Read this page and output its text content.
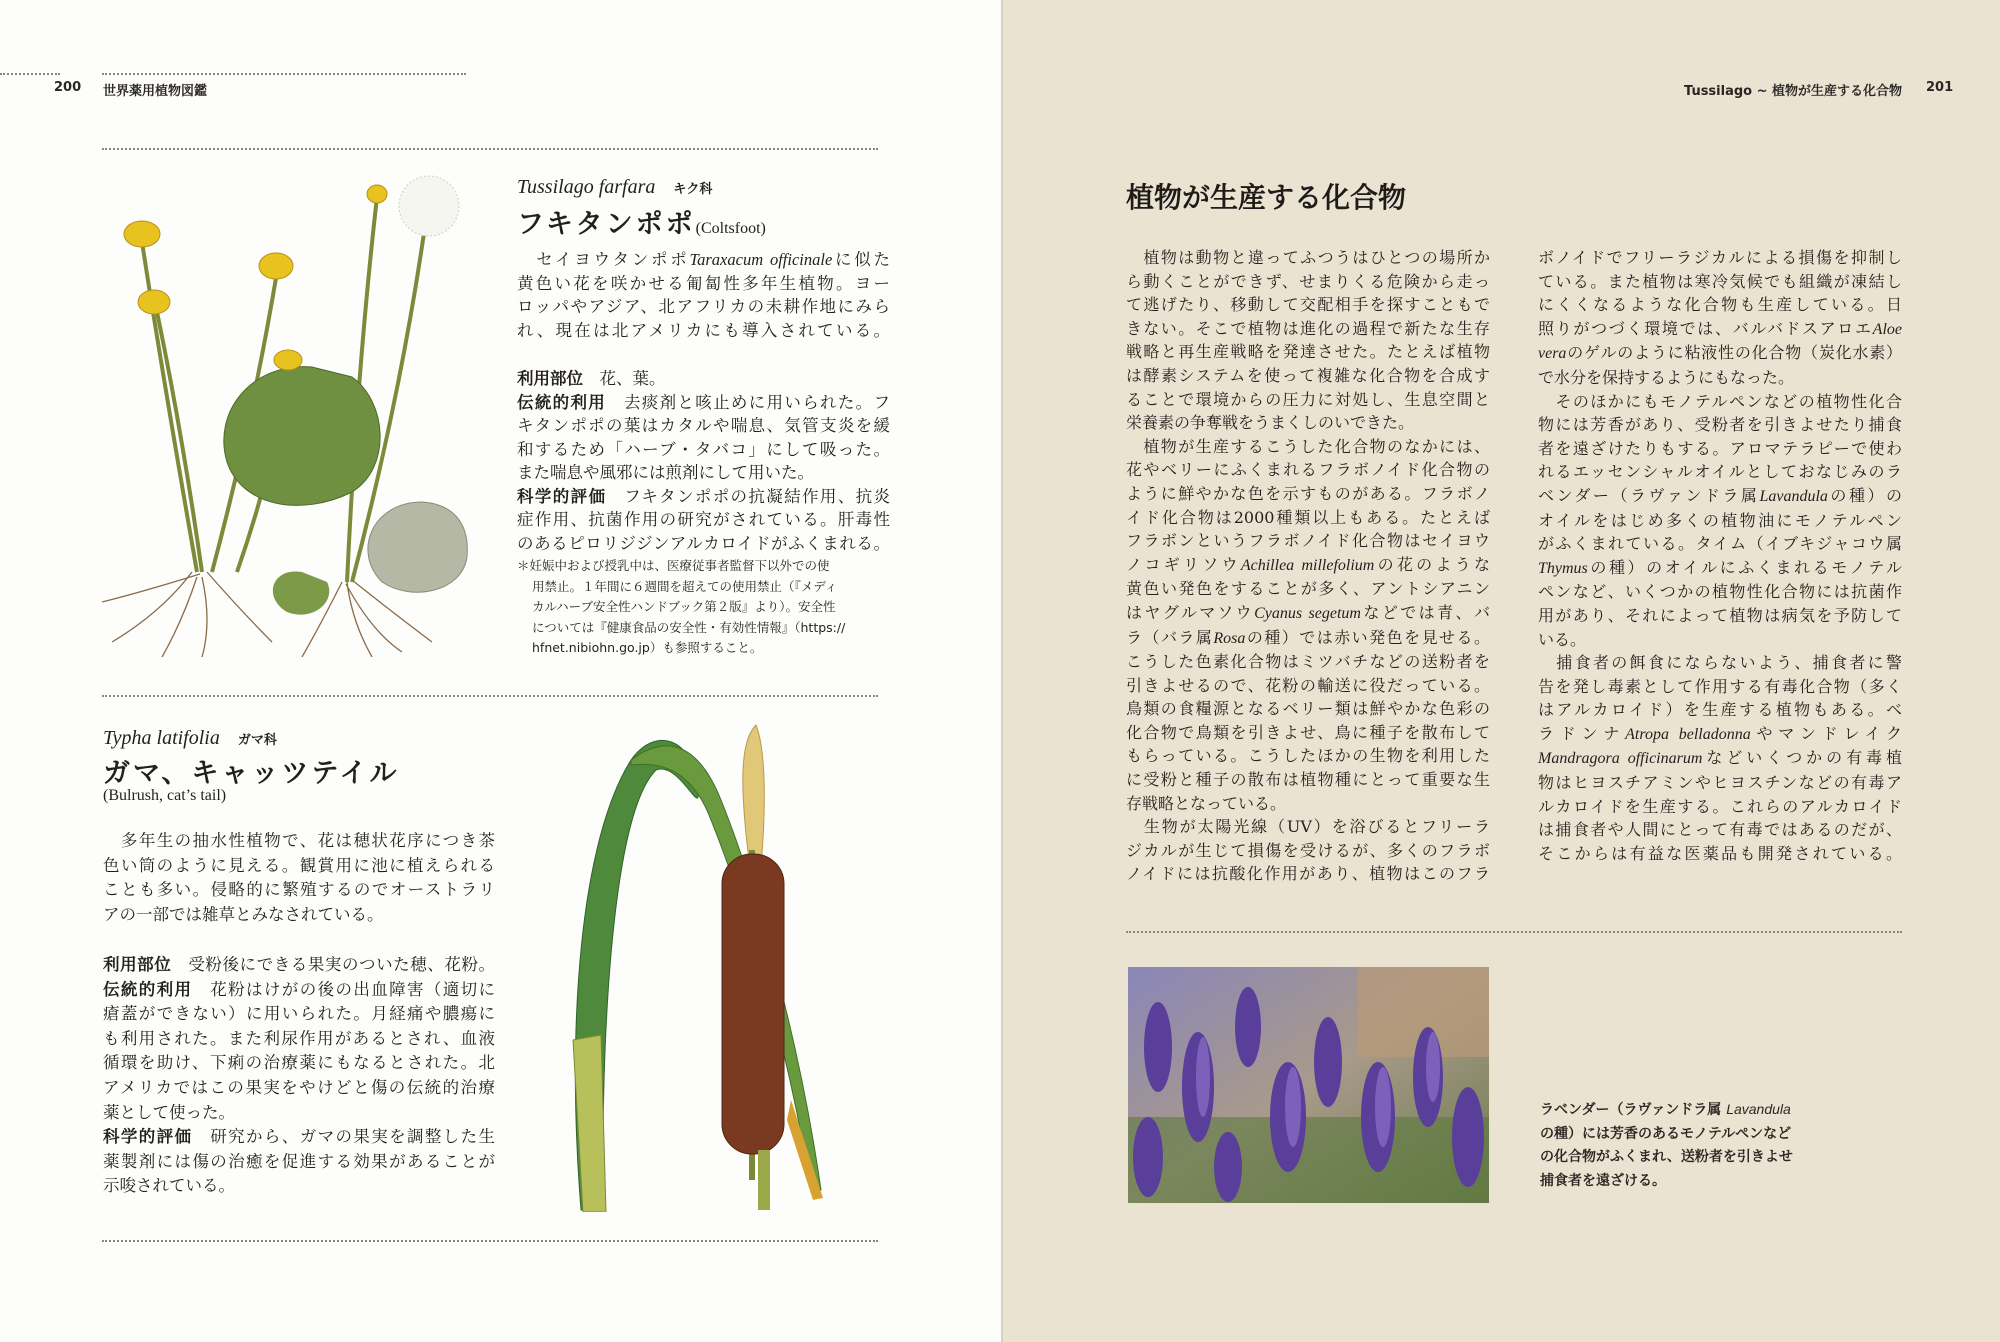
200 世界薬用植物図鑑
Tussilago farfara キク科
フキタンポポ(Coltsfoot)
　セイヨウタンポポTaraxacum officinaleに似た
黄色い花を咲かせる匍匐性多年生植物。ヨー
ロッパやアジア、北アフリカの未耕作地にみら
れ、現在は北アメリカにも導入されている。
利用部位　花、葉。
伝統的利用　去痰剤と咳止めに用いられた。フ
キタンポポの葉はカタルや喘息、気管支炎を緩
和するため「ハーブ・タバコ」にして吸った。
また喘息や風邪には煎剤にして用いた。
科学的評価　フキタンポポの抗凝結作用、抗炎
症作用、抗菌作用の研究がされている。肝毒性
のあるピロリジジンアルカロイドがふくまれる。
＊妊娠中および授乳中は、医療従事者監督下以外での使
用禁止。１年間に６週間を超えての使用禁止（『メディ
カルハーブ安全性ハンドブック第２版』より）。安全性
については『健康食品の安全性・有効性情報』（https://
hfnet.nibiohn.go.jp）も参照すること。
Typha latifolia ガマ科
ガマ、キャッツテイル
(Bulrush, cat’s tail)
　多年生の抽水性植物で、花は穂状花序につき茶
色い筒のように見える。観賞用に池に植えられる
ことも多い。侵略的に繁殖するのでオーストラリ
アの一部では雑草とみなされている。
利用部位　受粉後にできる果実のついた穂、花粉。
伝統的利用　花粉はけがの後の出血障害（適切に
瘡蓋ができない）に用いられた。月経痛や膿瘍に
も利用された。また利尿作用があるとされ、血液
循環を助け、下痢の治療薬にもなるとされた。北
アメリカではこの果実をやけどと傷の伝統的治療
薬として使った。
科学的評価　研究から、ガマの果実を調整した生
薬製剤には傷の治癒を促進する効果があることが
示唆されている。
Tussilago ~ 植物が生産する化合物 201
植物が生産する化合物
　植物は動物と違ってふつうはひとつの場所か
ら動くことができず、せまりくる危険から走っ
て逃げたり、移動して交配相手を探すこともで
きない。そこで植物は進化の過程で新たな生存
戦略と再生産戦略を発達させた。たとえば植物
は酵素システムを使って複雑な化合物を合成す
ることで環境からの圧力に対処し、生息空間と
栄養素の争奪戦をうまくしのいできた。
　植物が生産するこうした化合物のなかには、
花やベリーにふくまれるフラボノイド化合物の
ように鮮やかな色を示すものがある。フラボノ
イド化合物は2000種類以上もある。たとえば
フラボンというフラボノイド化合物はセイヨウ
ノコギリソウAchillea millefoliumの花のような
黄色い発色をすることが多く、アントシアニン
はヤグルマソウCyanus segetumなどでは青、バ
ラ（バラ属Rosaの種）では赤い発色を見せる。
こうした色素化合物はミツバチなどの送粉者を
引きよせるので、花粉の輸送に役だっている。
鳥類の食糧源となるベリー類は鮮やかな色彩の
化合物で鳥類を引きよせ、鳥に種子を散布して
もらっている。こうしたほかの生物を利用した
に受粉と種子の散布は植物種にとって重要な生
存戦略となっている。
　生物が太陽光線（UV）を浴びるとフリーラ
ジカルが生じて損傷を受けるが、多くのフラボ
ノイドには抗酸化作用があり、植物はこのフラ
ボノイドでフリーラジカルによる損傷を抑制し
ている。また植物は寒冷気候でも組織が凍結し
にくくなるような化合物も生産している。日
照りがつづく環境では、バルバドスアロエAloe
veraのゲルのように粘液性の化合物（炭化水素）
で水分を保持するようにもなった。
　そのほかにもモノテルペンなどの植物性化合
物には芳香があり、受粉者を引きよせたり捕食
者を遠ざけたりもする。アロマテラピーで使わ
れるエッセンシャルオイルとしておなじみのラ
ベンダー（ラヴァンドラ属Lavandulaの種）の
オイルをはじめ多くの植物油にモノテルペン
がふくまれている。タイム（イブキジャコウ属
Thymusの種）のオイルにふくまれるモノテル
ペンなど、いくつかの植物性化合物には抗菌作
用があり、それによって植物は病気を予防して
いる。
　捕食者の餌食にならないよう、捕食者に警
告を発し毒素として作用する有毒化合物（多く
はアルカロイド）を生産する植物もある。ベ
ラドンナAtropa belladonnaやマンドレイク
Mandragora officinarumなどいくつかの有毒植
物はヒヨスチアミンやヒヨスチンなどの有毒ア
ルカロイドを生産する。これらのアルカロイド
は捕食者や人間にとって有毒ではあるのだが、
そこからは有益な医薬品も開発されている。
ラベンダー（ラヴァンドラ属 Lavandula
の種）には芳香のあるモノテルペンなど
の化合物がふくまれ、送粉者を引きよせ
捕食者を遠ざける。
